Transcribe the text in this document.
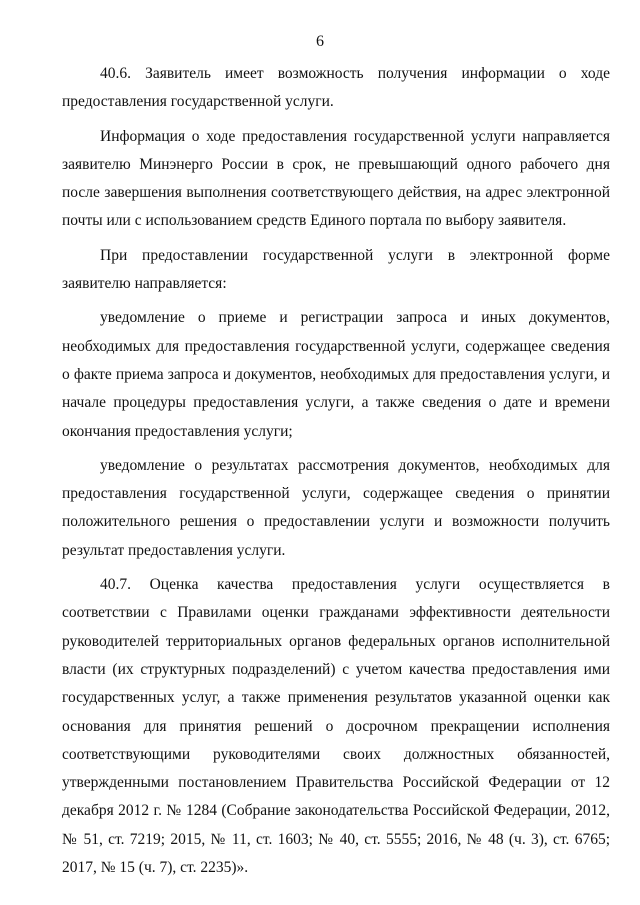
6

40.6. Заявитель имеет возможность получения информации о ходе предоставления государственной услуги.

Информация о ходе предоставления государственной услуги направляется заявителю Минэнерго России в срок, не превышающий одного рабочего дня после завершения выполнения соответствующего действия, на адрес электронной почты или с использованием средств Единого портала по выбору заявителя.

При предоставлении государственной услуги в электронной форме заявителю направляется:

уведомление о приеме и регистрации запроса и иных документов, необходимых для предоставления государственной услуги, содержащее сведения о факте приема запроса и документов, необходимых для предоставления услуги, и начале процедуры предоставления услуги, а также сведения о дате и времени окончания предоставления услуги;

уведомление о результатах рассмотрения документов, необходимых для предоставления государственной услуги, содержащее сведения о принятии положительного решения о предоставлении услуги и возможности получить результат предоставления услуги.

40.7. Оценка качества предоставления услуги осуществляется в соответствии с Правилами оценки гражданами эффективности деятельности руководителей территориальных органов федеральных органов исполнительной власти (их структурных подразделений) с учетом качества предоставления ими государственных услуг, а также применения результатов указанной оценки как основания для принятия решений о досрочном прекращении исполнения соответствующими руководителями своих должностных обязанностей, утвержденными постановлением Правительства Российской Федерации от 12 декабря 2012 г. № 1284 (Собрание законодательства Российской Федерации, 2012, № 51, ст. 7219; 2015, № 11, ст. 1603; № 40, ст. 5555; 2016, № 48 (ч. 3), ст. 6765; 2017, № 15 (ч. 7), ст. 2235)».
